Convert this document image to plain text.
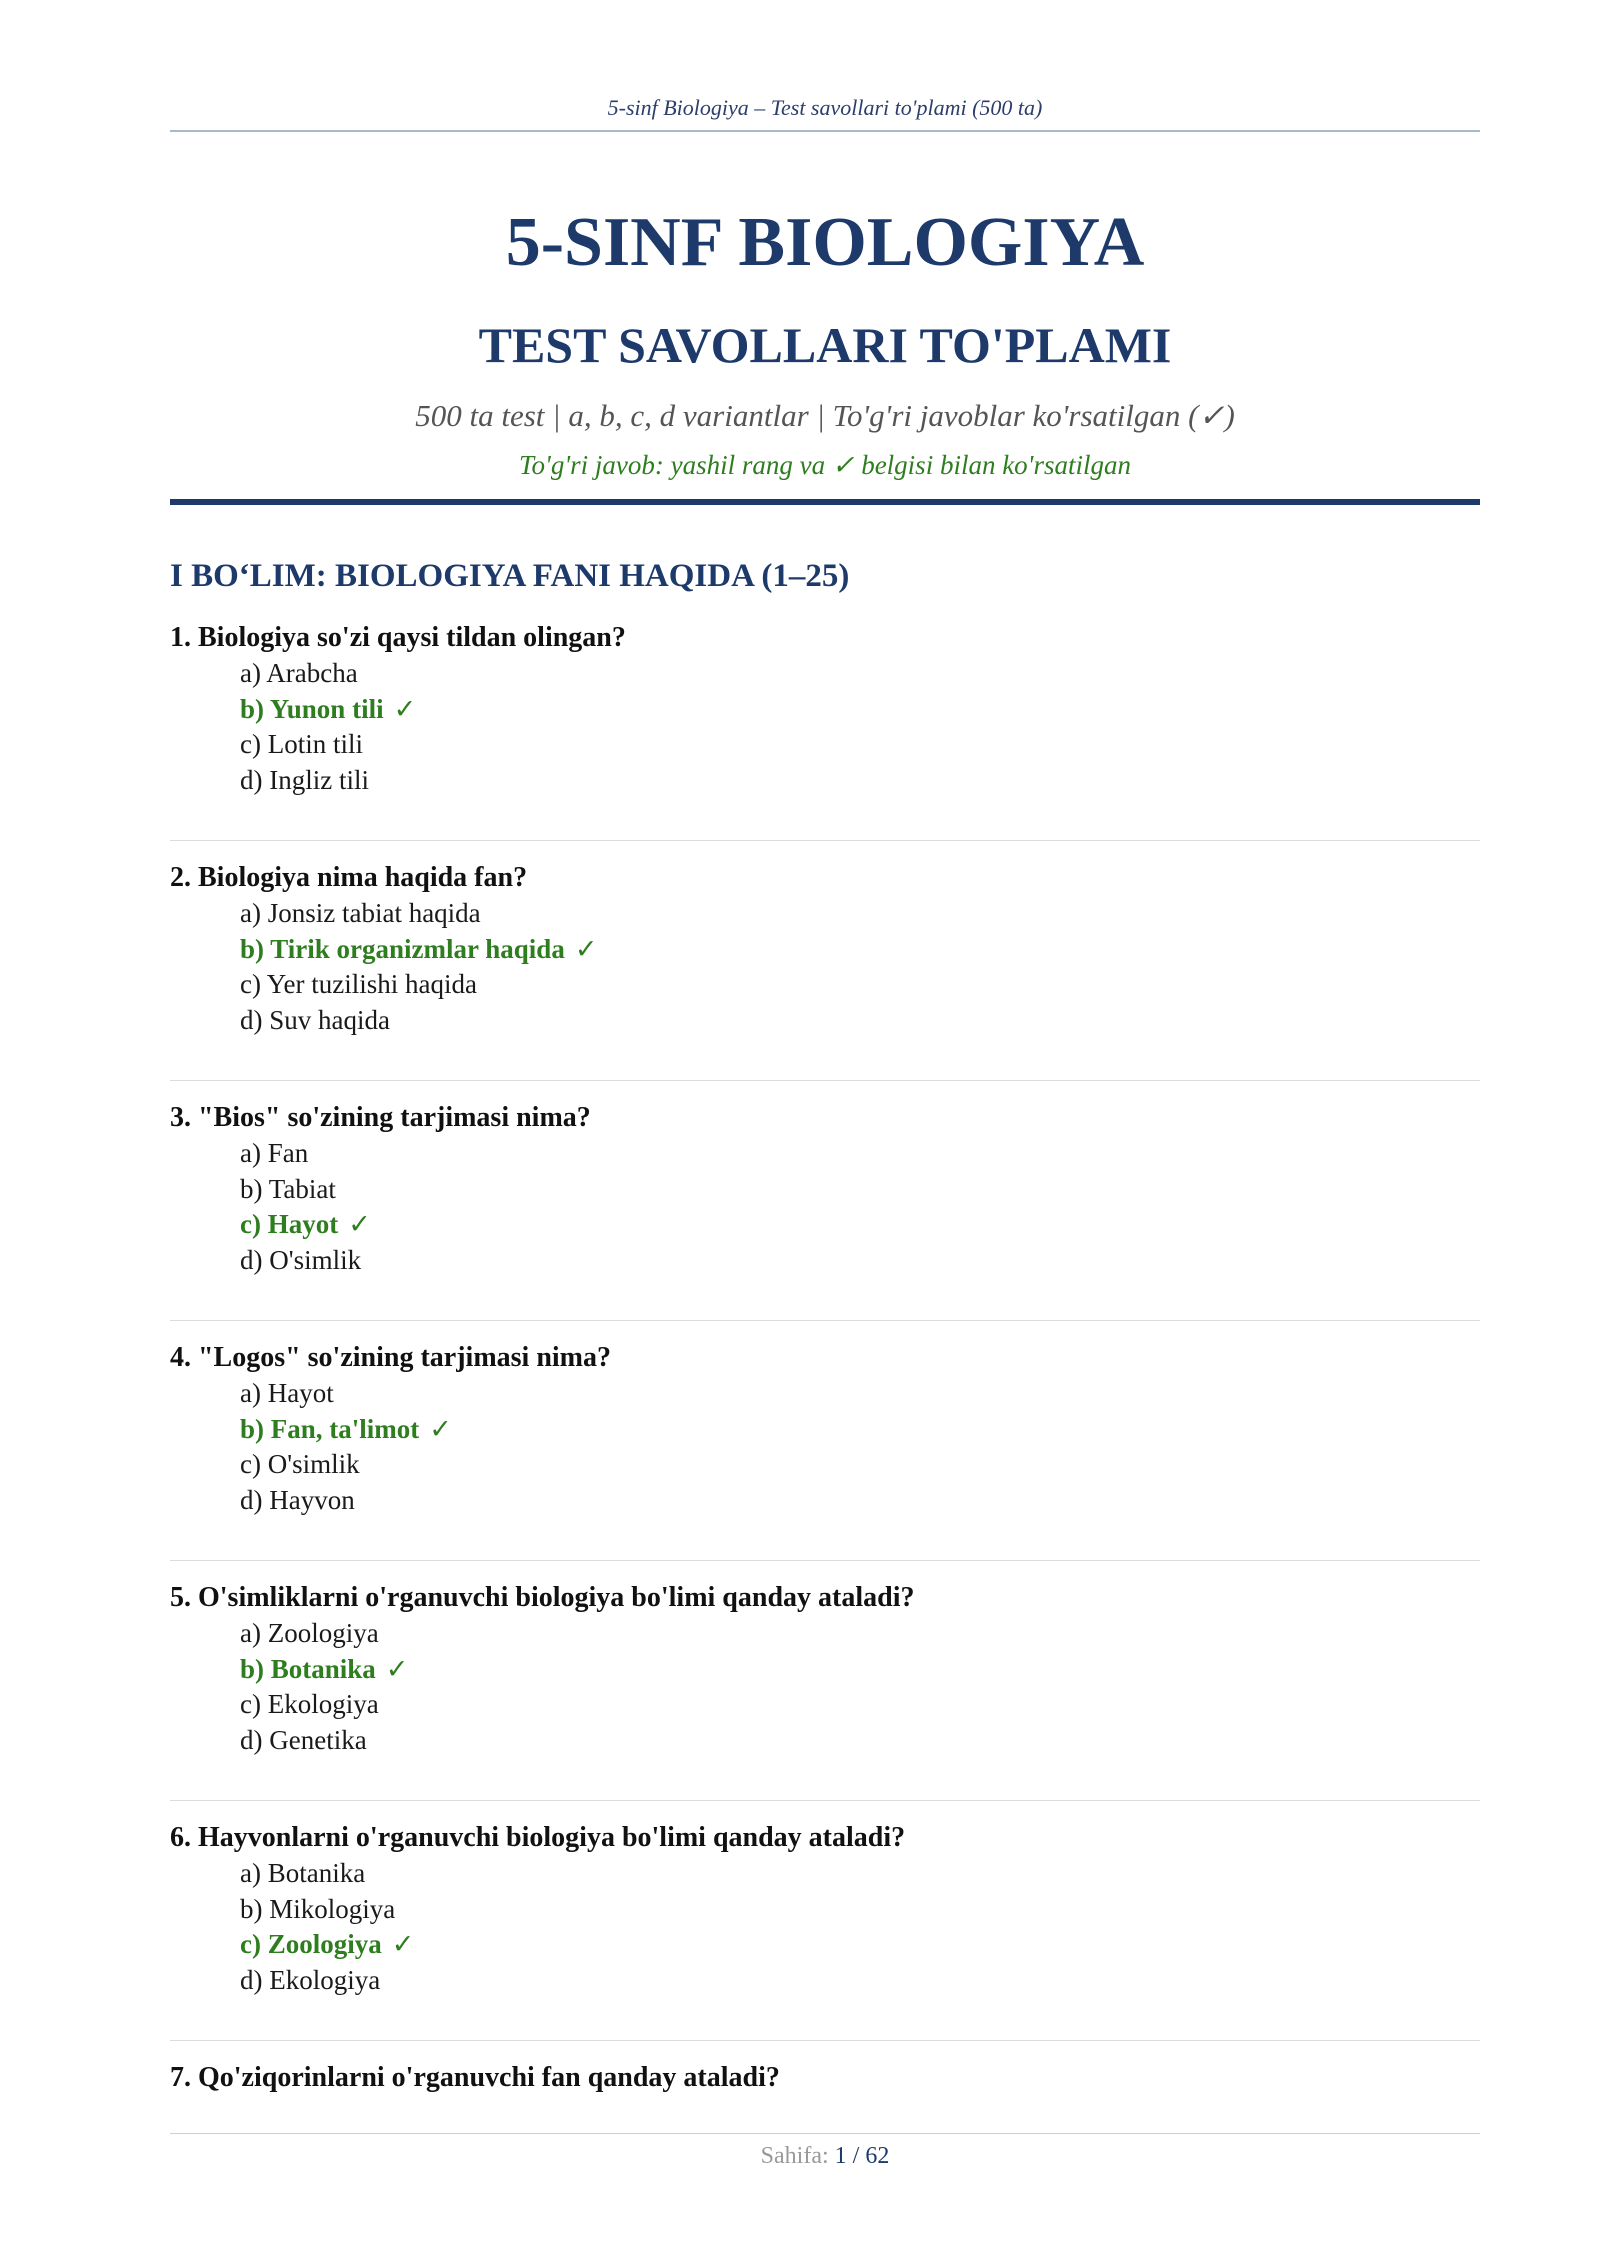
5-sinf Biologiya – Test savollari to'plami (500 ta)
5-SINF BIOLOGIYA
TEST SAVOLLARI TO'PLAMI
500 ta test | a, b, c, d variantlar | To'g'ri javoblar ko'rsatilgan (✓)
To'g'ri javob: yashil rang va ✓ belgisi bilan ko'rsatilgan
I BO‘LIM: BIOLOGIYA FANI HAQIDA (1–25)
1. Biologiya so'zi qaysi tildan olingan?
a) Arabcha
b) Yunon tili ✓
c) Lotin tili
d) Ingliz tili
2. Biologiya nima haqida fan?
a) Jonsiz tabiat haqida
b) Tirik organizmlar haqida ✓
c) Yer tuzilishi haqida
d) Suv haqida
3. "Bios" so'zining tarjimasi nima?
a) Fan
b) Tabiat
c) Hayot ✓
d) O'simlik
4. "Logos" so'zining tarjimasi nima?
a) Hayot
b) Fan, ta'limot ✓
c) O'simlik
d) Hayvon
5. O'simliklarni o'rganuvchi biologiya bo'limi qanday ataladi?
a) Zoologiya
b) Botanika ✓
c) Ekologiya
d) Genetika
6. Hayvonlarni o'rganuvchi biologiya bo'limi qanday ataladi?
a) Botanika
b) Mikologiya
c) Zoologiya ✓
d) Ekologiya
7. Qo'ziqorinlarni o'rganuvchi fan qanday ataladi?
Sahifa: 1 / 62
